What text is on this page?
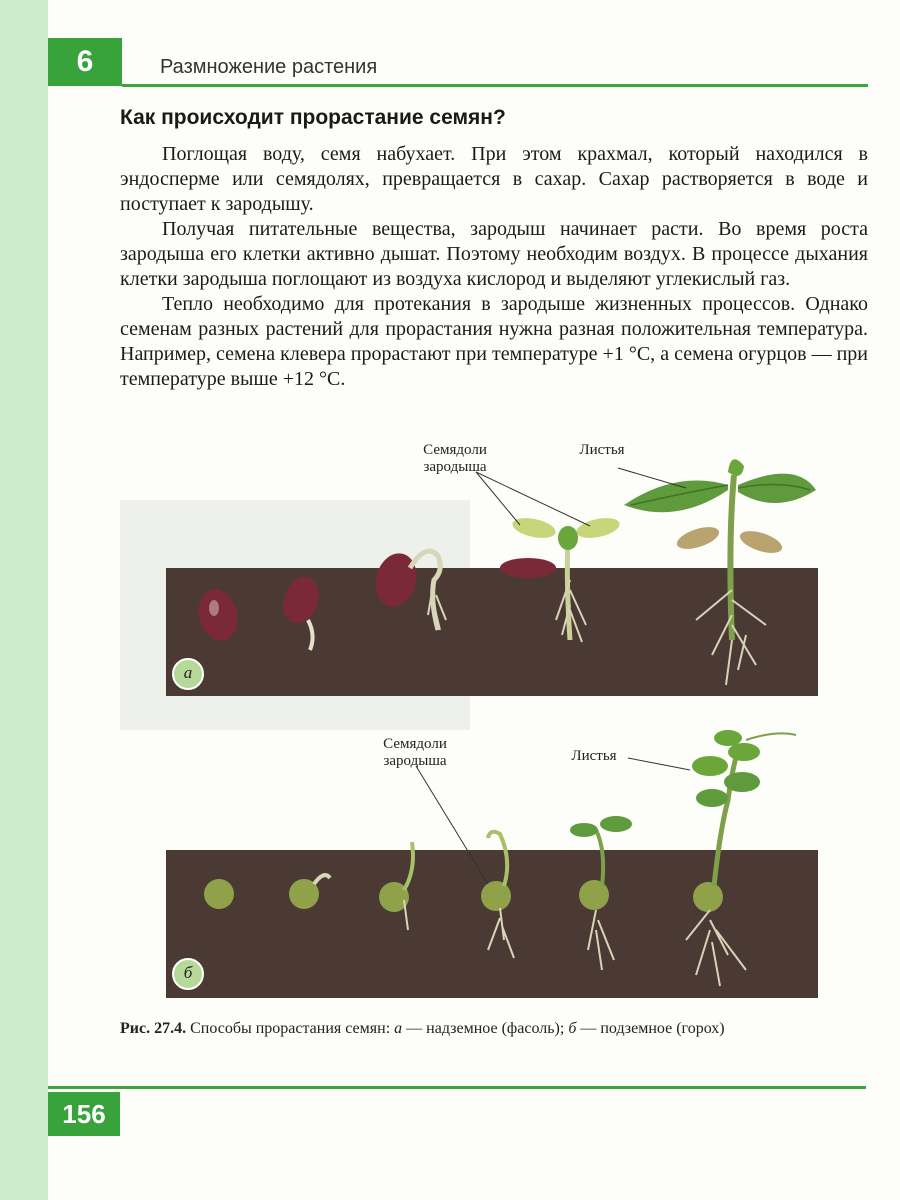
6	Размножение растения
Как происходит прорастание семян?

Поглощая воду, семя набухает. При этом крахмал, который находился в эндосперме или семядолях, превращается в сахар. Сахар растворяется в воде и поступает к зародышу.

Получая питательные вещества, зародыш начинает расти. Во время роста зародыша его клетки активно дышат. Поэтому необходим воздух. В процессе дыхания клетки зародыша поглощают из воздуха кислород и выделяют углекислый газ.

Тепло необходимо для протекания в зародыше жизненных процессов. Однако семенам разных растений для прорастания нужна разная положительная температура. Например, семена клевера прорастают при температуре +1 °C, а семена огурцов — при температуре выше +12 °C.

Семядоли зародыша
Листья
а
Семядоли зародыша	Листья
б
Рис. 27.4. Способы прорастания семян: а — надземное (фасоль); б — подземное (горох)
156
